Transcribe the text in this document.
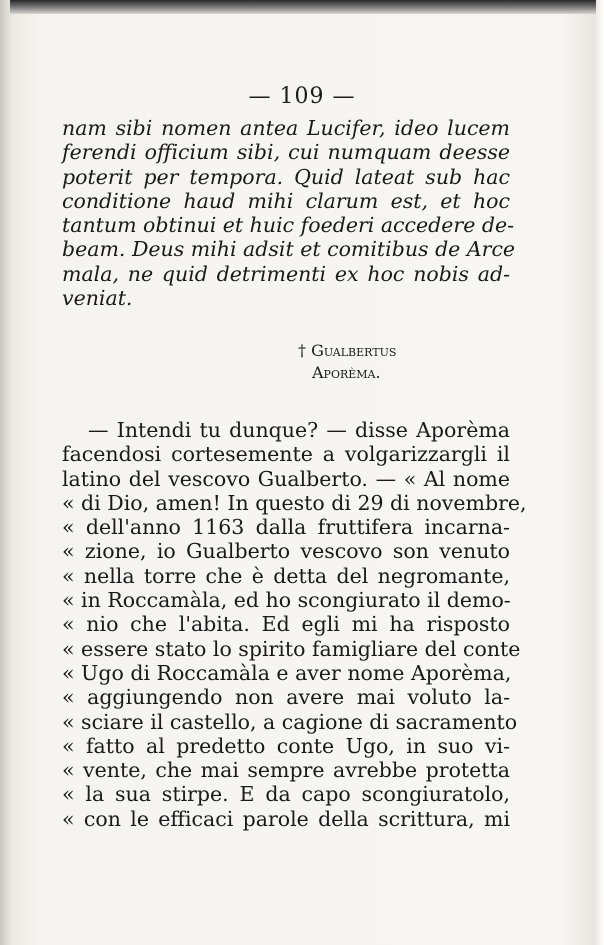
— 109 —
nam sibi nomen antea Lucifer, ideo lucem
ferendi officium sibi, cui numquam deesse
poterit per tempora. Quid lateat sub hac
conditione haud mihi clarum est, et hoc
tantum obtinui et huic foederi accedere de-
beam. Deus mihi adsit et comitibus de Arce
mala, ne quid detrimenti ex hoc nobis ad-
veniat.
† Gualbertus
Aporèma.
— Intendi tu dunque? — disse Aporèma
facendosi cortesemente a volgarizzargli il
latino del vescovo Gualberto. — « Al nome
« di Dio, amen! In questo di 29 di novembre,
« dell'anno 1163 dalla fruttifera incarna-
« zione, io Gualberto vescovo son venuto
« nella torre che è detta del negromante,
« in Roccamàla, ed ho scongiurato il demo-
« nio che l'abita. Ed egli mi ha risposto
« essere stato lo spirito famigliare del conte
« Ugo di Roccamàla e aver nome Aporèma,
« aggiungendo non avere mai voluto la-
« sciare il castello, a cagione di sacramento
« fatto al predetto conte Ugo, in suo vi-
« vente, che mai sempre avrebbe protetta
« la sua stirpe. E da capo scongiuratolo,
« con le efficaci parole della scrittura, mi
